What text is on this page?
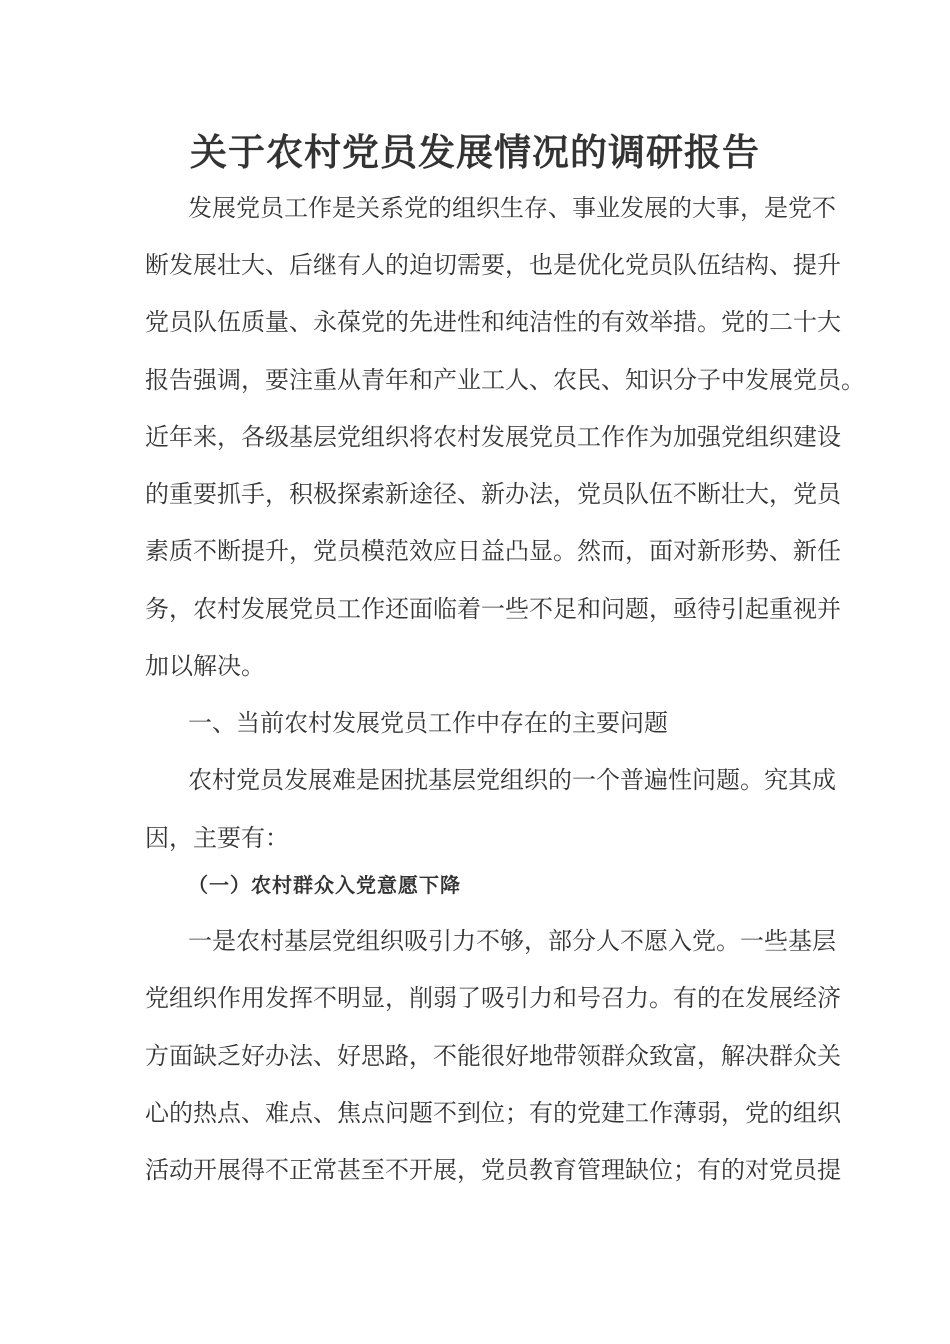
关于农村党员发展情况的调研报告
发展党员工作是关系党的组织生存、事业发展的大事，是党不
断发展壮大、后继有人的迫切需要，也是优化党员队伍结构、提升
党员队伍质量、永葆党的先进性和纯洁性的有效举措。党的二十大
报告强调，要注重从青年和产业工人、农民、知识分子中发展党员。
近年来，各级基层党组织将农村发展党员工作作为加强党组织建设
的重要抓手，积极探索新途径、新办法，党员队伍不断壮大，党员
素质不断提升，党员模范效应日益凸显。然而，面对新形势、新任
务，农村发展党员工作还面临着一些不足和问题，亟待引起重视并
加以解决。
一、当前农村发展党员工作中存在的主要问题
农村党员发展难是困扰基层党组织的一个普遍性问题。究其成
因，主要有：
（一）农村群众入党意愿下降
一是农村基层党组织吸引力不够，部分人不愿入党。一些基层
党组织作用发挥不明显，削弱了吸引力和号召力。有的在发展经济
方面缺乏好办法、好思路，不能很好地带领群众致富，解决群众关
心的热点、难点、焦点问题不到位；有的党建工作薄弱，党的组织
活动开展得不正常甚至不开展，党员教育管理缺位；有的对党员提
